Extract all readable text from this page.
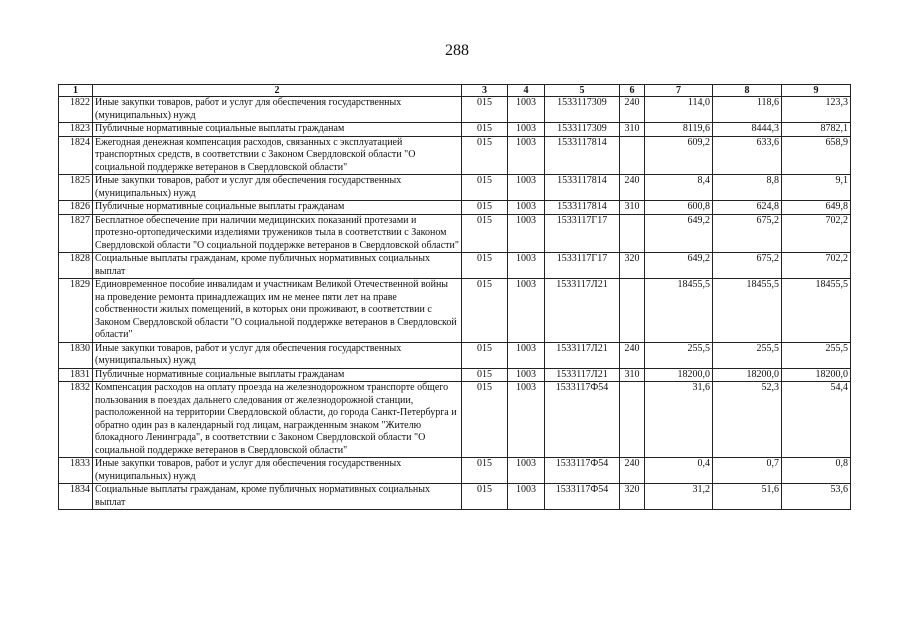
288
1	2	3	4	5	6	7	8	9
1822	Иные закупки товаров, работ и услуг для обеспечения государственных (муниципальных) нужд	015	1003	1533117309	240	114,0	118,6	123,3
1823	Публичные нормативные социальные выплаты гражданам	015	1003	1533117309	310	8119,6	8444,3	8782,1
1824	Ежегодная денежная компенсация расходов, связанных с эксплуатацией транспортных средств, в соответствии с Законом Свердловской области "О социальной поддержке ветеранов в Свердловской области"	015	1003	1533117814		609,2	633,6	658,9
1825	Иные закупки товаров, работ и услуг для обеспечения государственных (муниципальных) нужд	015	1003	1533117814	240	8,4	8,8	9,1
1826	Публичные нормативные социальные выплаты гражданам	015	1003	1533117814	310	600,8	624,8	649,8
1827	Бесплатное обеспечение при наличии медицинских показаний протезами и протезно-ортопедическими изделиями тружеников тыла в соответствии с Законом Свердловской области "О социальной поддержке ветеранов в Свердловской области"	015	1003	1533117Г17		649,2	675,2	702,2
1828	Социальные выплаты гражданам, кроме публичных нормативных социальных выплат	015	1003	1533117Г17	320	649,2	675,2	702,2
1829	Единовременное пособие инвалидам и участникам Великой Отечественной войны на проведение ремонта принадлежащих им не менее пяти лет на праве собственности жилых помещений, в которых они проживают, в соответствии с Законом Свердловской области "О социальной поддержке ветеранов в Свердловской области"	015	1003	1533117Л21		18455,5	18455,5	18455,5
1830	Иные закупки товаров, работ и услуг для обеспечения государственных (муниципальных) нужд	015	1003	1533117Л21	240	255,5	255,5	255,5
1831	Публичные нормативные социальные выплаты гражданам	015	1003	1533117Л21	310	18200,0	18200,0	18200,0
1832	Компенсация расходов на оплату проезда на железнодорожном транспорте общего пользования в поездах дальнего следования от железнодорожной станции, расположенной на территории Свердловской области, до города Санкт-Петербурга и обратно один раз в календарный год лицам, награжденным знаком "Жителю блокадного Ленинграда", в соответствии с Законом Свердловской области "О социальной поддержке ветеранов в Свердловской области"	015	1003	1533117Ф54		31,6	52,3	54,4
1833	Иные закупки товаров, работ и услуг для обеспечения государственных (муниципальных) нужд	015	1003	1533117Ф54	240	0,4	0,7	0,8
1834	Социальные выплаты гражданам, кроме публичных нормативных социальных выплат	015	1003	1533117Ф54	320	31,2	51,6	53,6
